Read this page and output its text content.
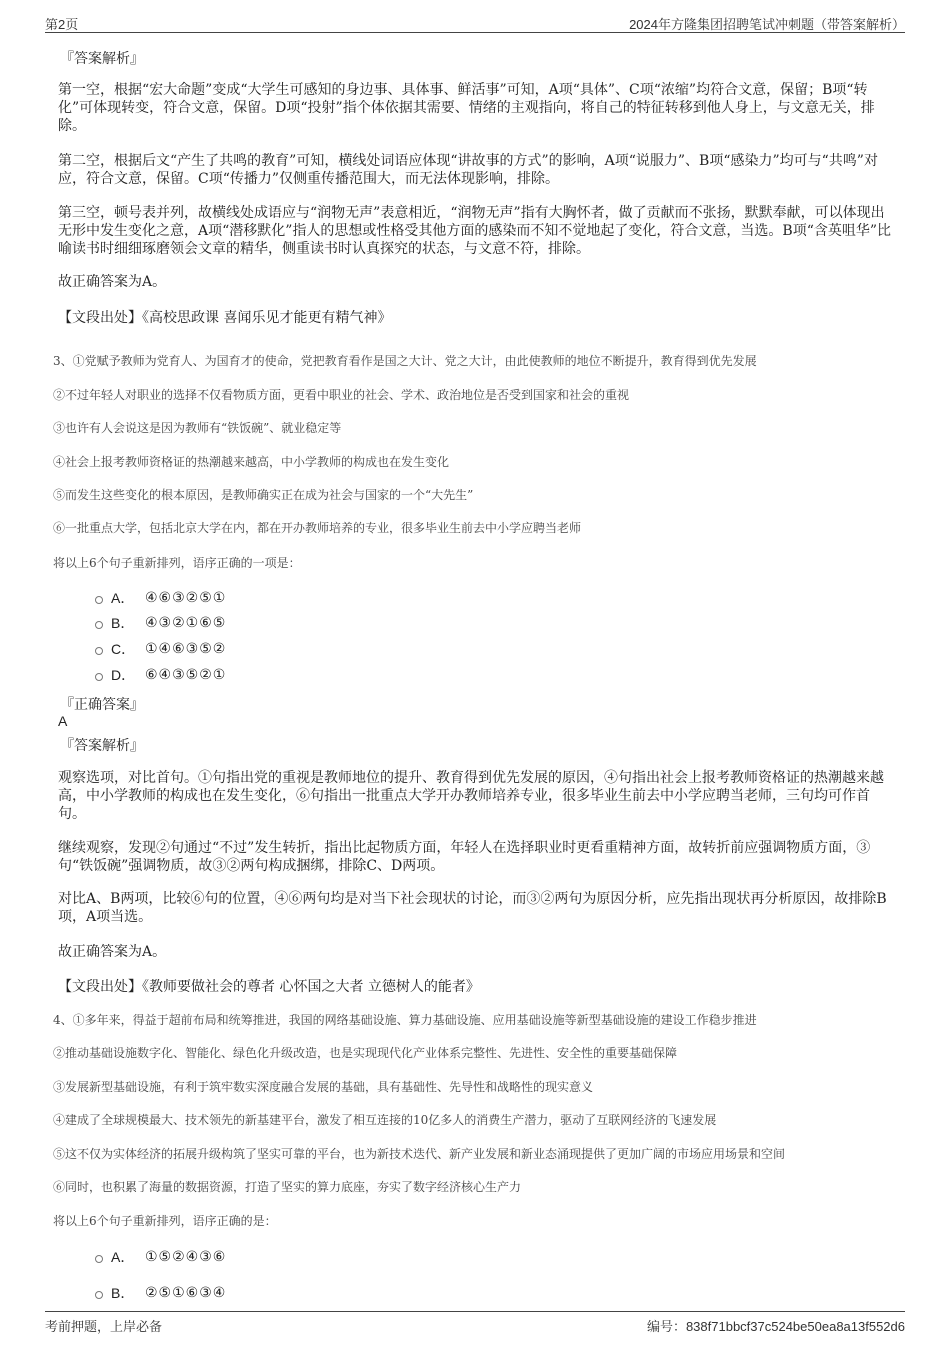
第2页	2024年方隆集团招聘笔试冲刺题（带答案解析）
『答案解析』
第一空，根据“宏大命题”变成“大学生可感知的身边事、具体事、鲜活事”可知，A项“具体”、C项“浓缩”均符合文意，保留；B项“转化”可体现转变，符合文意，保留。D项“投射”指个体依据其需要、情绪的主观指向，将自己的特征转移到他人身上，与文意无关，排除。
第二空，根据后文“产生了共鸣的教育”可知，横线处词语应体现“讲故事的方式”的影响，A项“说服力”、B项“感染力”均可与“共鸣”对应，符合文意，保留。C项“传播力”仅侧重传播范围大，而无法体现影响，排除。
第三空，顿号表并列，故横线处成语应与“润物无声”表意相近，“润物无声”指有大胸怀者，做了贡献而不张扬，默默奉献，可以体现出无形中发生变化之意，A项“潜移默化”指人的思想或性格受其他方面的感染而不知不觉地起了变化，符合文意，当选。B项“含英咀华”比喻读书时细细琢磨领会文章的精华，侧重读书时认真探究的状态，与文意不符，排除。
故正确答案为A。
【文段出处】《高校思政课 喜闻乐见才能更有精气神》
3、①党赋予教师为党育人、为国育才的使命，党把教育看作是国之大计、党之大计，由此使教师的地位不断提升，教育得到优先发展
②不过年轻人对职业的选择不仅看物质方面，更看中职业的社会、学术、政治地位是否受到国家和社会的重视
③也许有人会说这是因为教师有“铁饭碗”、就业稳定等
④社会上报考教师资格证的热潮越来越高，中小学教师的构成也在发生变化
⑤而发生这些变化的根本原因，是教师确实正在成为社会与国家的一个“大先生”
⑥一批重点大学，包括北京大学在内，都在开办教师培养的专业，很多毕业生前去中小学应聘当老师
将以上6个句子重新排列，语序正确的一项是：
A． ④⑥③②⑤①
B． ④③②①⑥⑤
C． ①④⑥③⑤②
D． ⑥④③⑤②①
『正确答案』
A
『答案解析』
观察选项，对比首句。①句指出党的重视是教师地位的提升、教育得到优先发展的原因，④句指出社会上报考教师资格证的热潮越来越高，中小学教师的构成也在发生变化，⑥句指出一批重点大学开办教师培养专业，很多毕业生前去中小学应聘当老师，三句均可作首句。
继续观察，发现②句通过“不过”发生转折，指出比起物质方面，年轻人在选择职业时更看重精神方面，故转折前应强调物质方面，③句“铁饭碗”强调物质，故③②两句构成捆绑，排除C、D两项。
对比A、B两项，比较⑥句的位置，④⑥两句均是对当下社会现状的讨论，而③②两句为原因分析，应先指出现状再分析原因，故排除B项，A项当选。
故正确答案为A。
【文段出处】《教师要做社会的尊者 心怀国之大者 立德树人的能者》
4、①多年来，得益于超前布局和统筹推进，我国的网络基础设施、算力基础设施、应用基础设施等新型基础设施的建设工作稳步推进
②推动基础设施数字化、智能化、绿色化升级改造，也是实现现代化产业体系完整性、先进性、安全性的重要基础保障
③发展新型基础设施，有利于筑牢数实深度融合发展的基础，具有基础性、先导性和战略性的现实意义
④建成了全球规模最大、技术领先的新基建平台，激发了相互连接的10亿多人的消费生产潜力，驱动了互联网经济的飞速发展
⑤这不仅为实体经济的拓展升级构筑了坚实可靠的平台，也为新技术迭代、新产业发展和新业态涌现提供了更加广阔的市场应用场景和空间
⑥同时，也积累了海量的数据资源，打造了坚实的算力底座，夯实了数字经济核心生产力
将以上6个句子重新排列，语序正确的是：
A． ①⑤②④③⑥
B． ②⑤①⑥③④
考前押题，上岸必备	编号：838f71bbcf37c524be50ea8a13f552d6
